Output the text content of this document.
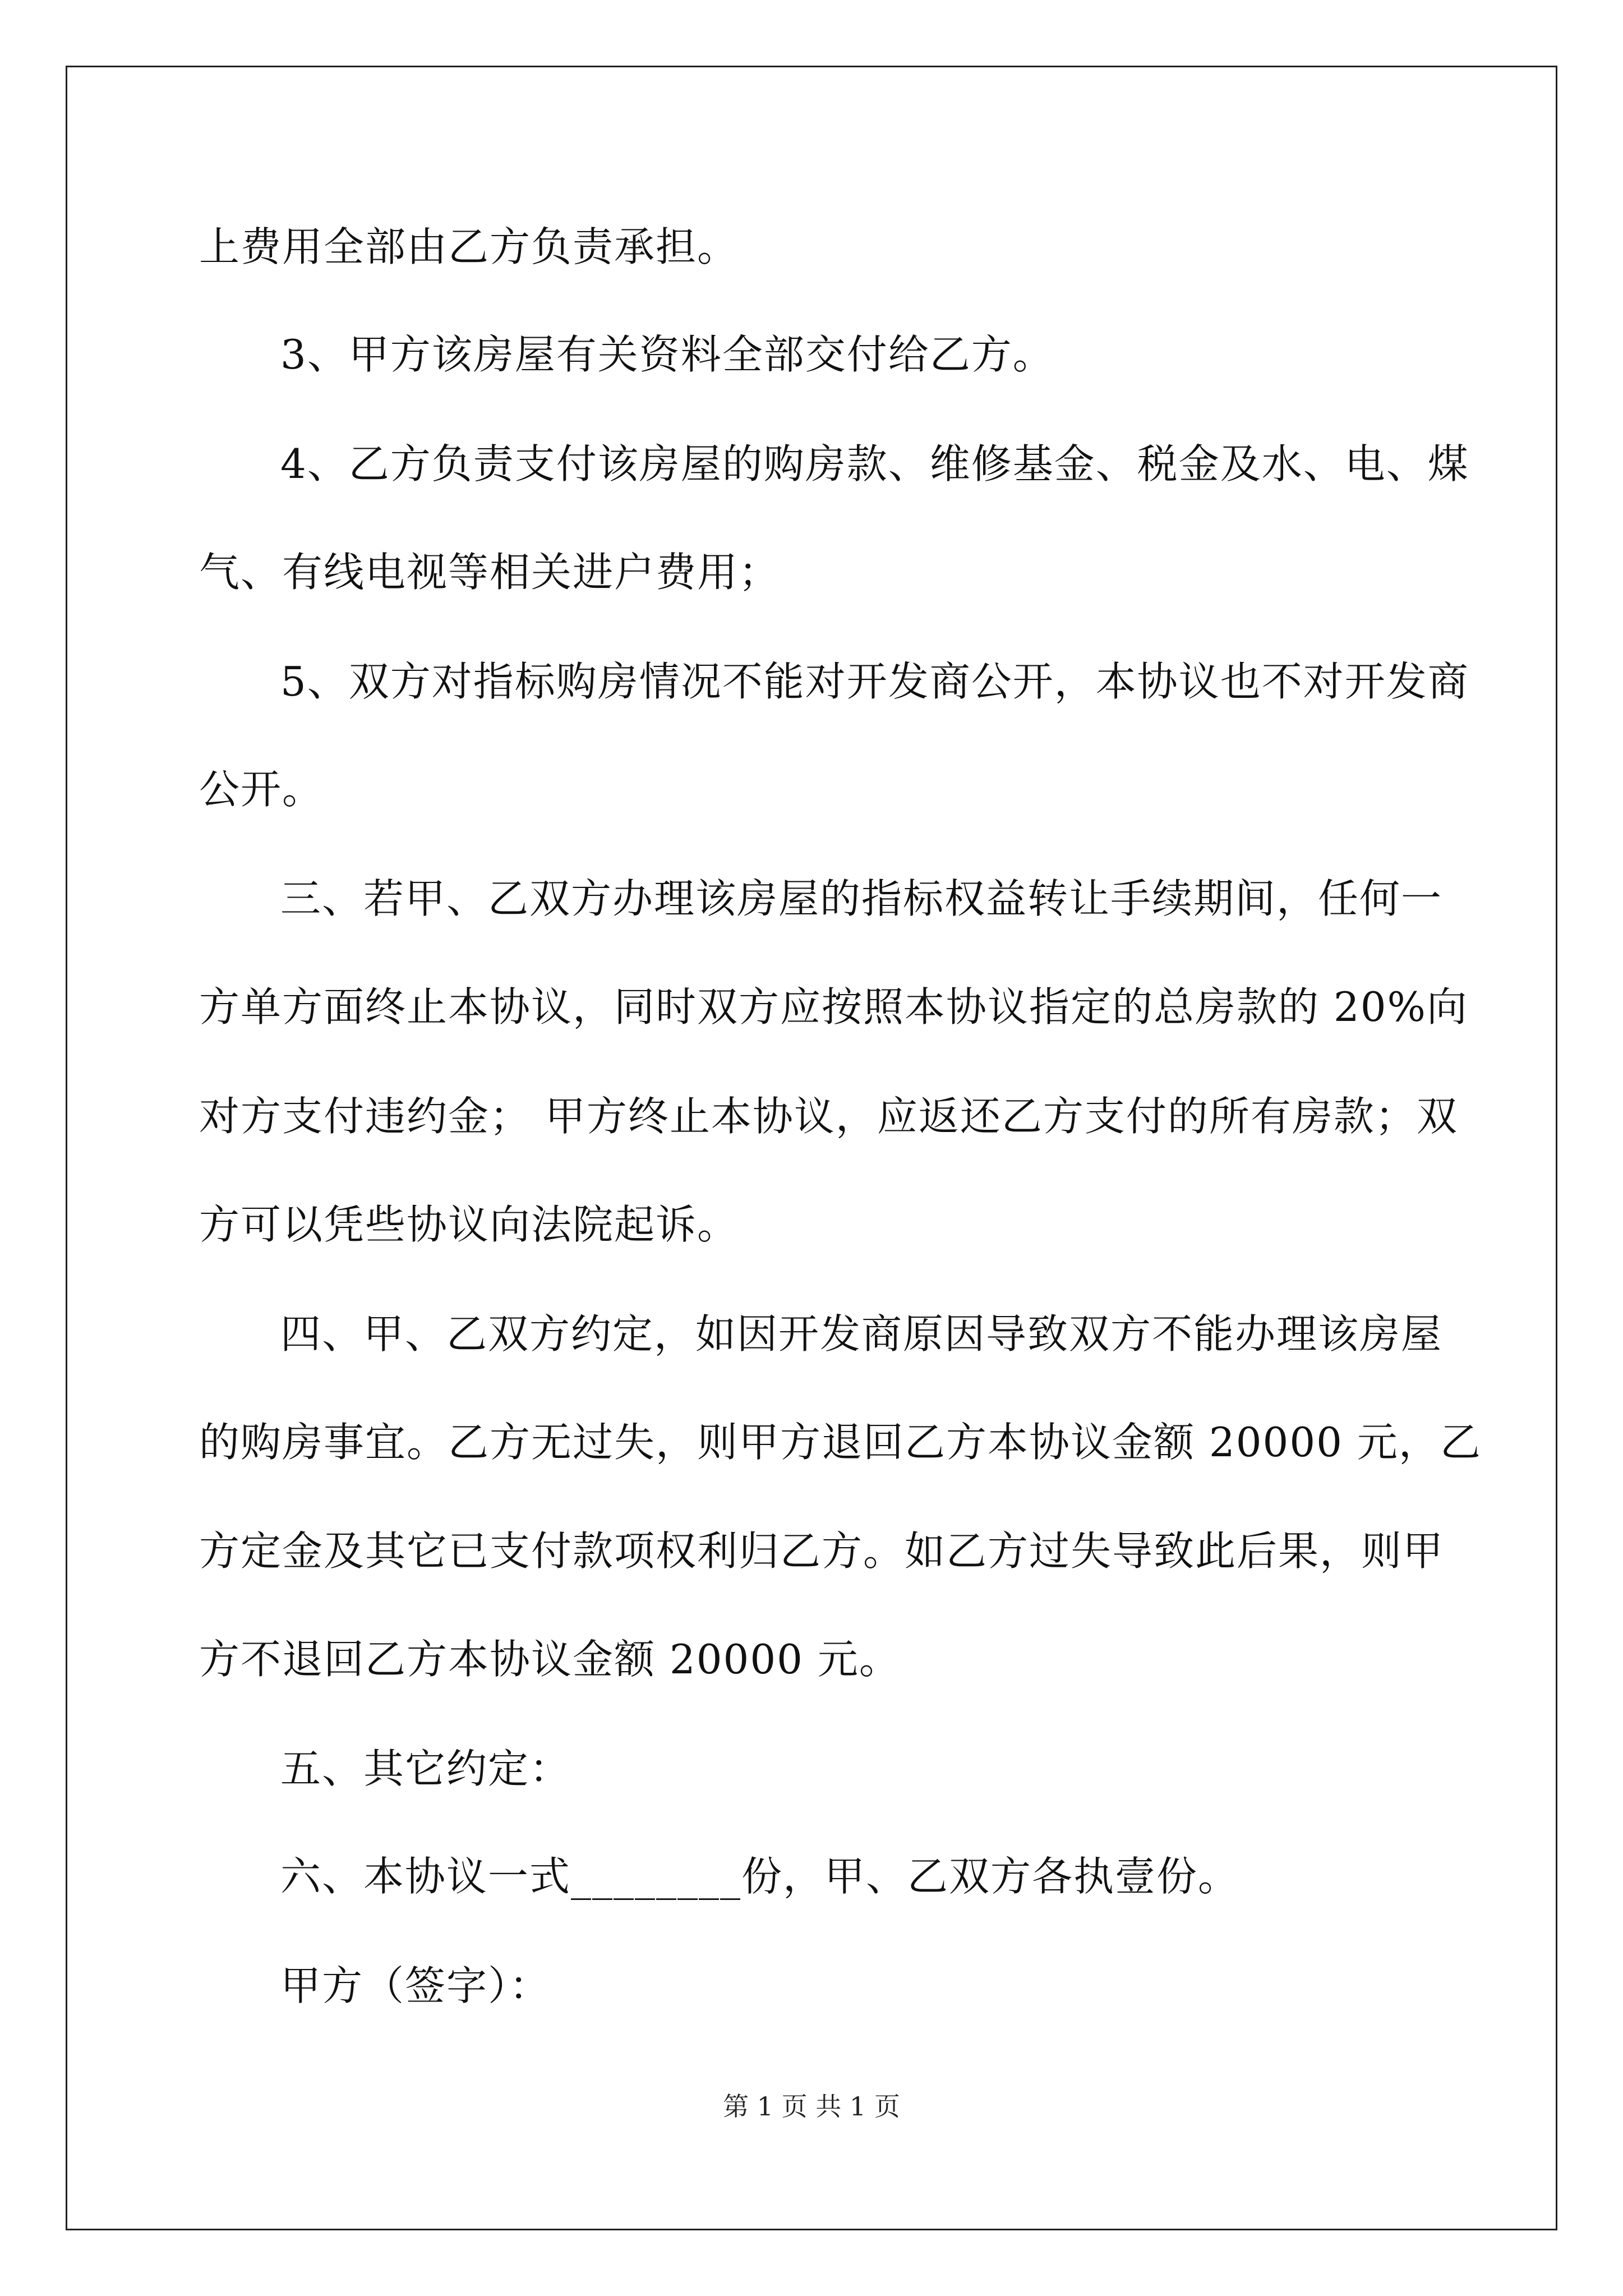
上费用全部由乙方负责承担。
3、甲方该房屋有关资料全部交付给乙方。
4、乙方负责支付该房屋的购房款、维修基金、税金及水、电、煤
气、有线电视等相关进户费用；
5、双方对指标购房情况不能对开发商公开，本协议也不对开发商
公开。
三、若甲、乙双方办理该房屋的指标权益转让手续期间，任何一
方单方面终止本协议，同时双方应按照本协议指定的总房款的 20%向
对方支付违约金； 甲方终止本协议，应返还乙方支付的所有房款；双
方可以凭些协议向法院起诉。
四、甲、乙双方约定，如因开发商原因导致双方不能办理该房屋
的购房事宜。乙方无过失，则甲方退回乙方本协议金额 20000 元，乙
方定金及其它已支付款项权利归乙方。如乙方过失导致此后果，则甲
方不退回乙方本协议金额 20000 元。
五、其它约定：
六、本协议一式________份，甲、乙双方各执壹份。
甲方（签字）：
第 1 页 共 1 页
